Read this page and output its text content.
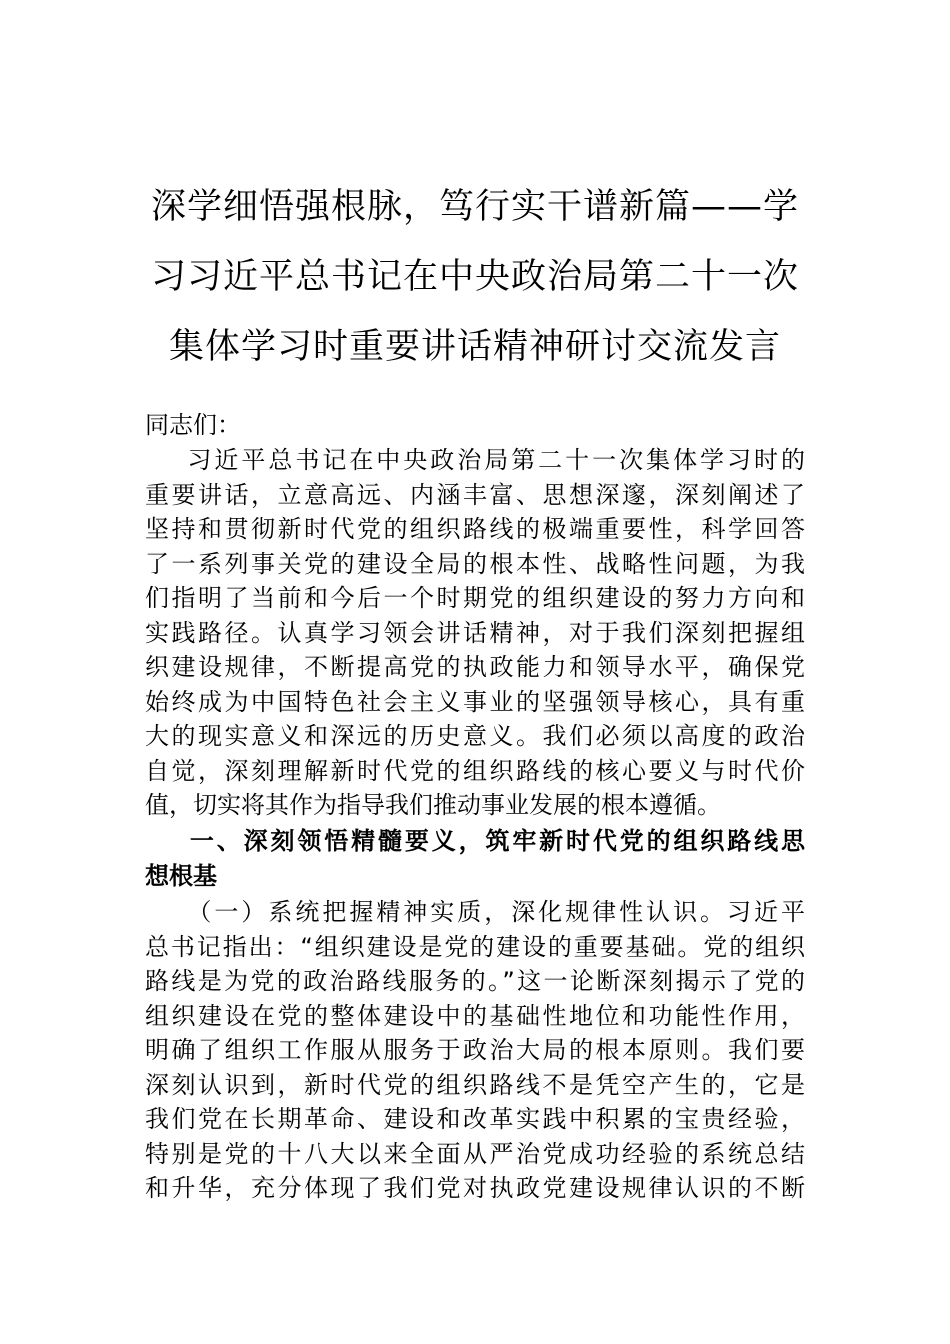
深学细悟强根脉，笃行实干谱新篇——学
习习近平总书记在中央政治局第二十一次
集体学习时重要讲话精神研讨交流发言
同志们：
习近平总书记在中央政治局第二十一次集体学习时的
重要讲话，立意高远、内涵丰富、思想深邃，深刻阐述了
坚持和贯彻新时代党的组织路线的极端重要性，科学回答
了一系列事关党的建设全局的根本性、战略性问题，为我
们指明了当前和今后一个时期党的组织建设的努力方向和
实践路径。认真学习领会讲话精神，对于我们深刻把握组
织建设规律，不断提高党的执政能力和领导水平，确保党
始终成为中国特色社会主义事业的坚强领导核心，具有重
大的现实意义和深远的历史意义。我们必须以高度的政治
自觉，深刻理解新时代党的组织路线的核心要义与时代价
值，切实将其作为指导我们推动事业发展的根本遵循。
一、深刻领悟精髓要义，筑牢新时代党的组织路线思
想根基
（一）系统把握精神实质，深化规律性认识。习近平
总书记指出：“组织建设是党的建设的重要基础。党的组织
路线是为党的政治路线服务的。”这一论断深刻揭示了党的
组织建设在党的整体建设中的基础性地位和功能性作用，
明确了组织工作服从服务于政治大局的根本原则。我们要
深刻认识到，新时代党的组织路线不是凭空产生的，它是
我们党在长期革命、建设和改革实践中积累的宝贵经验，
特别是党的十八大以来全面从严治党成功经验的系统总结
和升华，充分体现了我们党对执政党建设规律认识的不断
